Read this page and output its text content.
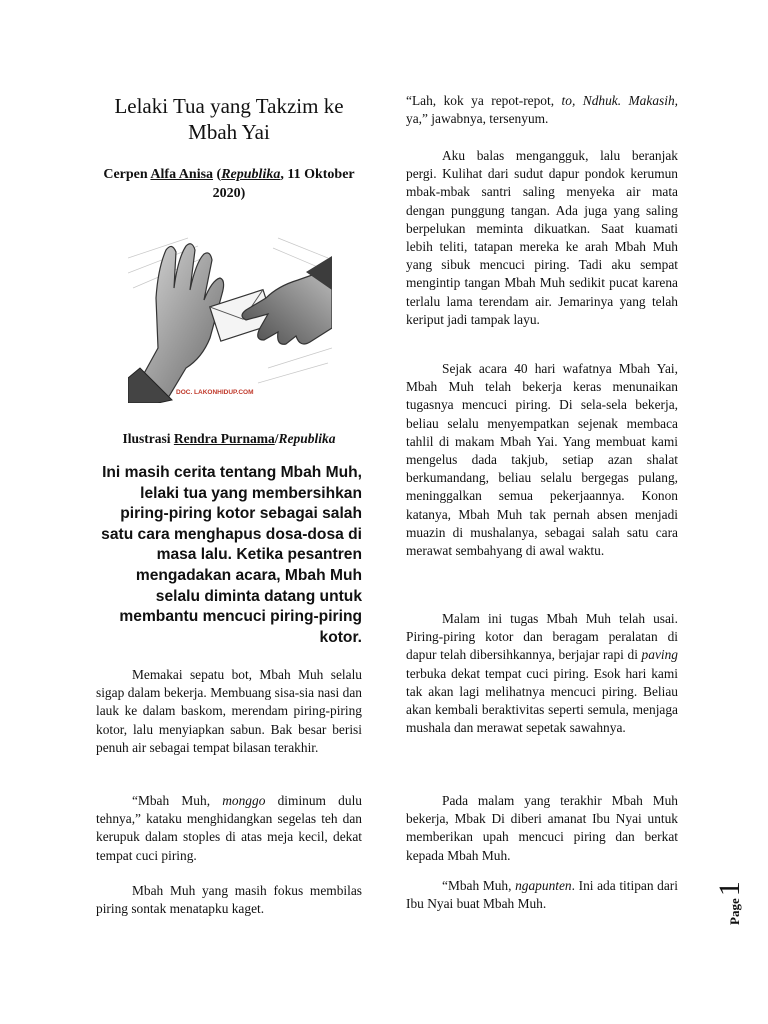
Lelaki Tua yang Takzim ke Mbah Yai
Cerpen Alfa Anisa (Republika, 11 Oktober 2020)
DOC. LAKONHIDUP.COM
Ilustrasi Rendra Purnama/Republika

Ini masih cerita tentang Mbah Muh, lelaki tua yang membersihkan piring-piring kotor sebagai salah satu cara menghapus dosa-dosa di masa lalu. Ketika pesantren mengadakan acara, Mbah Muh selalu diminta datang untuk membantu mencuci piring-piring kotor.

Memakai sepatu bot, Mbah Muh selalu sigap dalam bekerja. Membuang sisa-sia nasi dan lauk ke dalam baskom, merendam piring-piring kotor, lalu menyiapkan sabun. Bak besar berisi penuh air sebagai tempat bilasan terakhir.

“Mbah Muh, monggo diminum dulu tehnya,” kataku menghidangkan segelas teh dan kerupuk dalam stoples di atas meja kecil, dekat tempat cuci piring.

Mbah Muh yang masih fokus membilas piring sontak menatapku kaget.

“Lah, kok ya repot-repot, to, Ndhuk. Makasih, ya,” jawabnya, tersenyum.

Aku balas mengangguk, lalu beranjak pergi. Kulihat dari sudut dapur pondok kerumun mbak-mbak santri saling menyeka air mata dengan punggung tangan. Ada juga yang saling berpelukan meminta dikuatkan. Saat kuamati lebih teliti, tatapan mereka ke arah Mbah Muh yang sibuk mencuci piring. Tadi aku sempat mengintip tangan Mbah Muh sedikit pucat karena terlalu lama terendam air. Jemarinya yang telah keriput jadi tampak layu.

Sejak acara 40 hari wafatnya Mbah Yai, Mbah Muh telah bekerja keras menunaikan tugasnya mencuci piring. Di sela-sela bekerja, beliau selalu menyempatkan sejenak membaca tahlil di makam Mbah Yai. Yang membuat kami mengelus dada takjub, setiap azan shalat berkumandang, beliau selalu bergegas pulang, meninggalkan semua pekerjaannya. Konon katanya, Mbah Muh tak pernah absen menjadi muazin di mushalanya, sebagai salah satu cara merawat sembahyang di awal waktu.

Malam ini tugas Mbah Muh telah usai. Piring-piring kotor dan beragam peralatan di dapur telah dibersihkannya, berjajar rapi di paving terbuka dekat tempat cuci piring. Esok hari kami tak akan lagi melihatnya mencuci piring. Beliau akan kembali beraktivitas seperti semula, menjaga mushala dan merawat sepetak sawahnya.

Pada malam yang terakhir Mbah Muh bekerja, Mbak Di diberi amanat Ibu Nyai untuk memberikan upah mencuci piring dan berkat kepada Mbah Muh.

“Mbah Muh, ngapunten. Ini ada titipan dari Ibu Nyai buat Mbah Muh.	Page1
